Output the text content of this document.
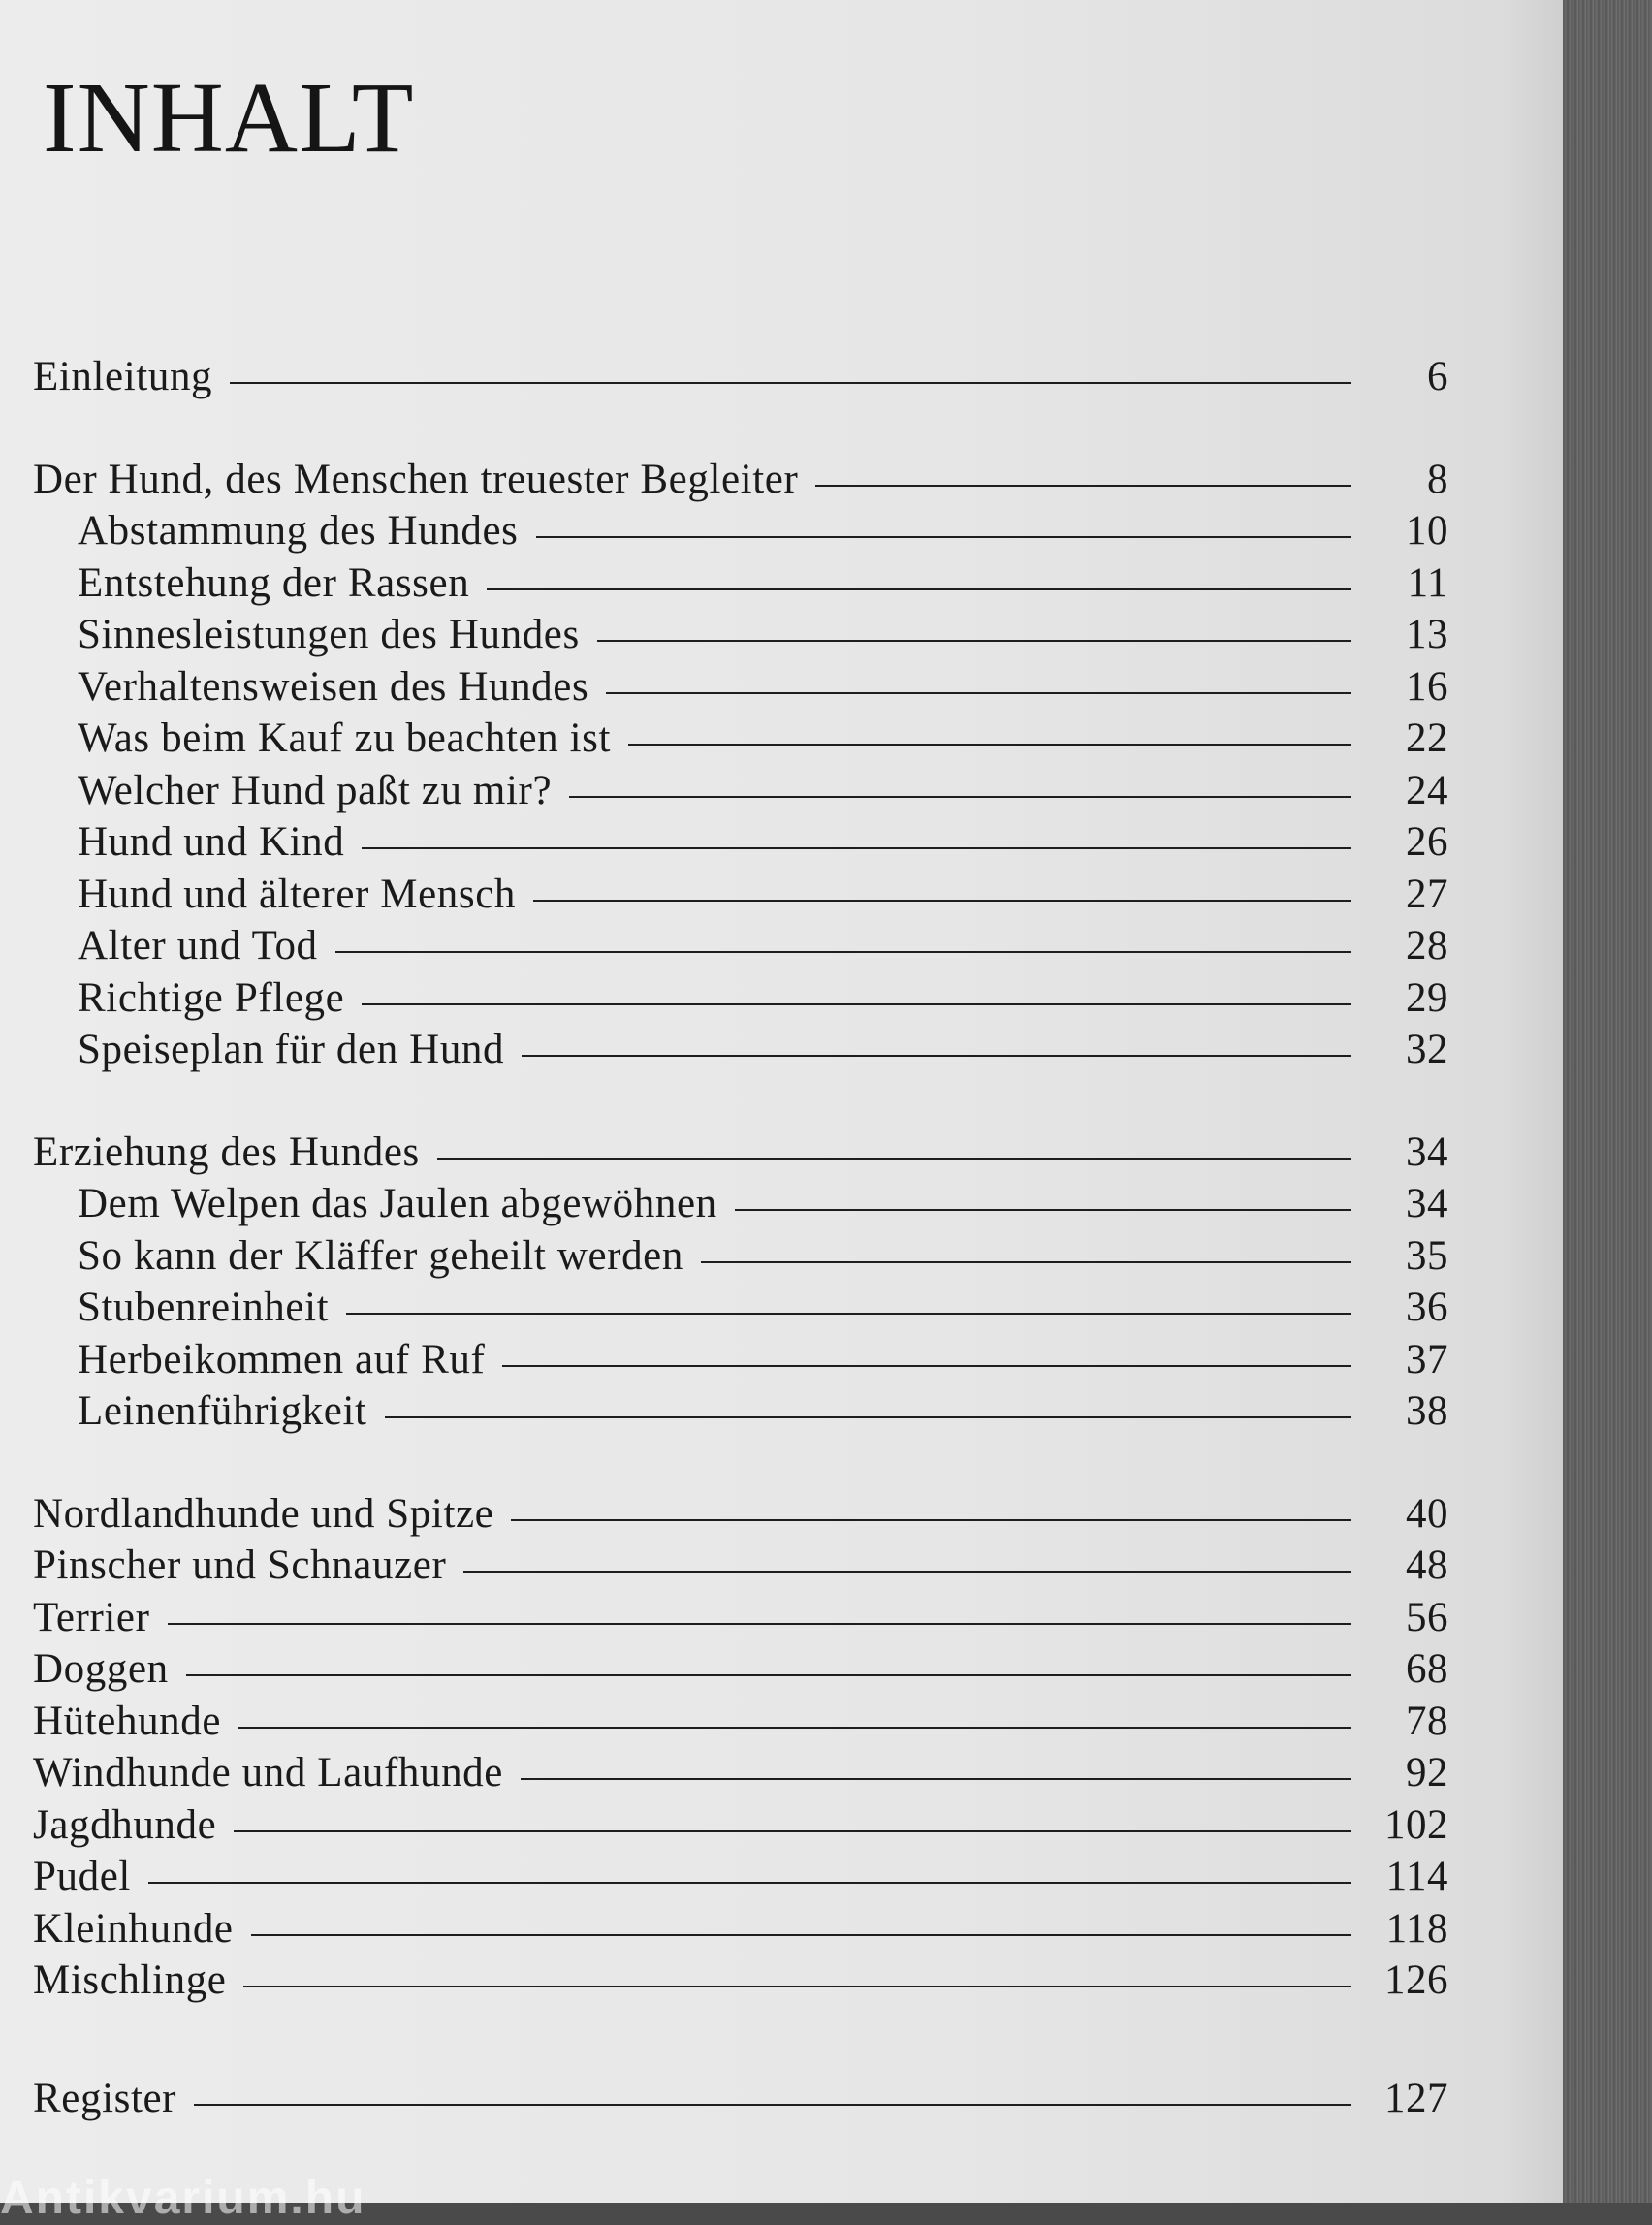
INHALT
Einleitung	6
Der Hund, des Menschen treuester Begleiter	8
Abstammung des Hundes	10
Entstehung der Rassen	11
Sinnesleistungen des Hundes	13
Verhaltensweisen des Hundes	16
Was beim Kauf zu beachten ist	22
Welcher Hund paßt zu mir?	24
Hund und Kind	26
Hund und älterer Mensch	27
Alter und Tod	28
Richtige Pflege	29
Speiseplan für den Hund	32
Erziehung des Hundes	34
Dem Welpen das Jaulen abgewöhnen	34
So kann der Kläffer geheilt werden	35
Stubenreinheit	36
Herbeikommen auf Ruf	37
Leinenführigkeit	38
Nordlandhunde und Spitze	40
Pinscher und Schnauzer	48
Terrier	56
Doggen	68
Hütehunde	78
Windhunde und Laufhunde	92
Jagdhunde	102
Pudel	114
Kleinhunde	118
Mischlinge	126
Register	127
Antikvarium.hu
